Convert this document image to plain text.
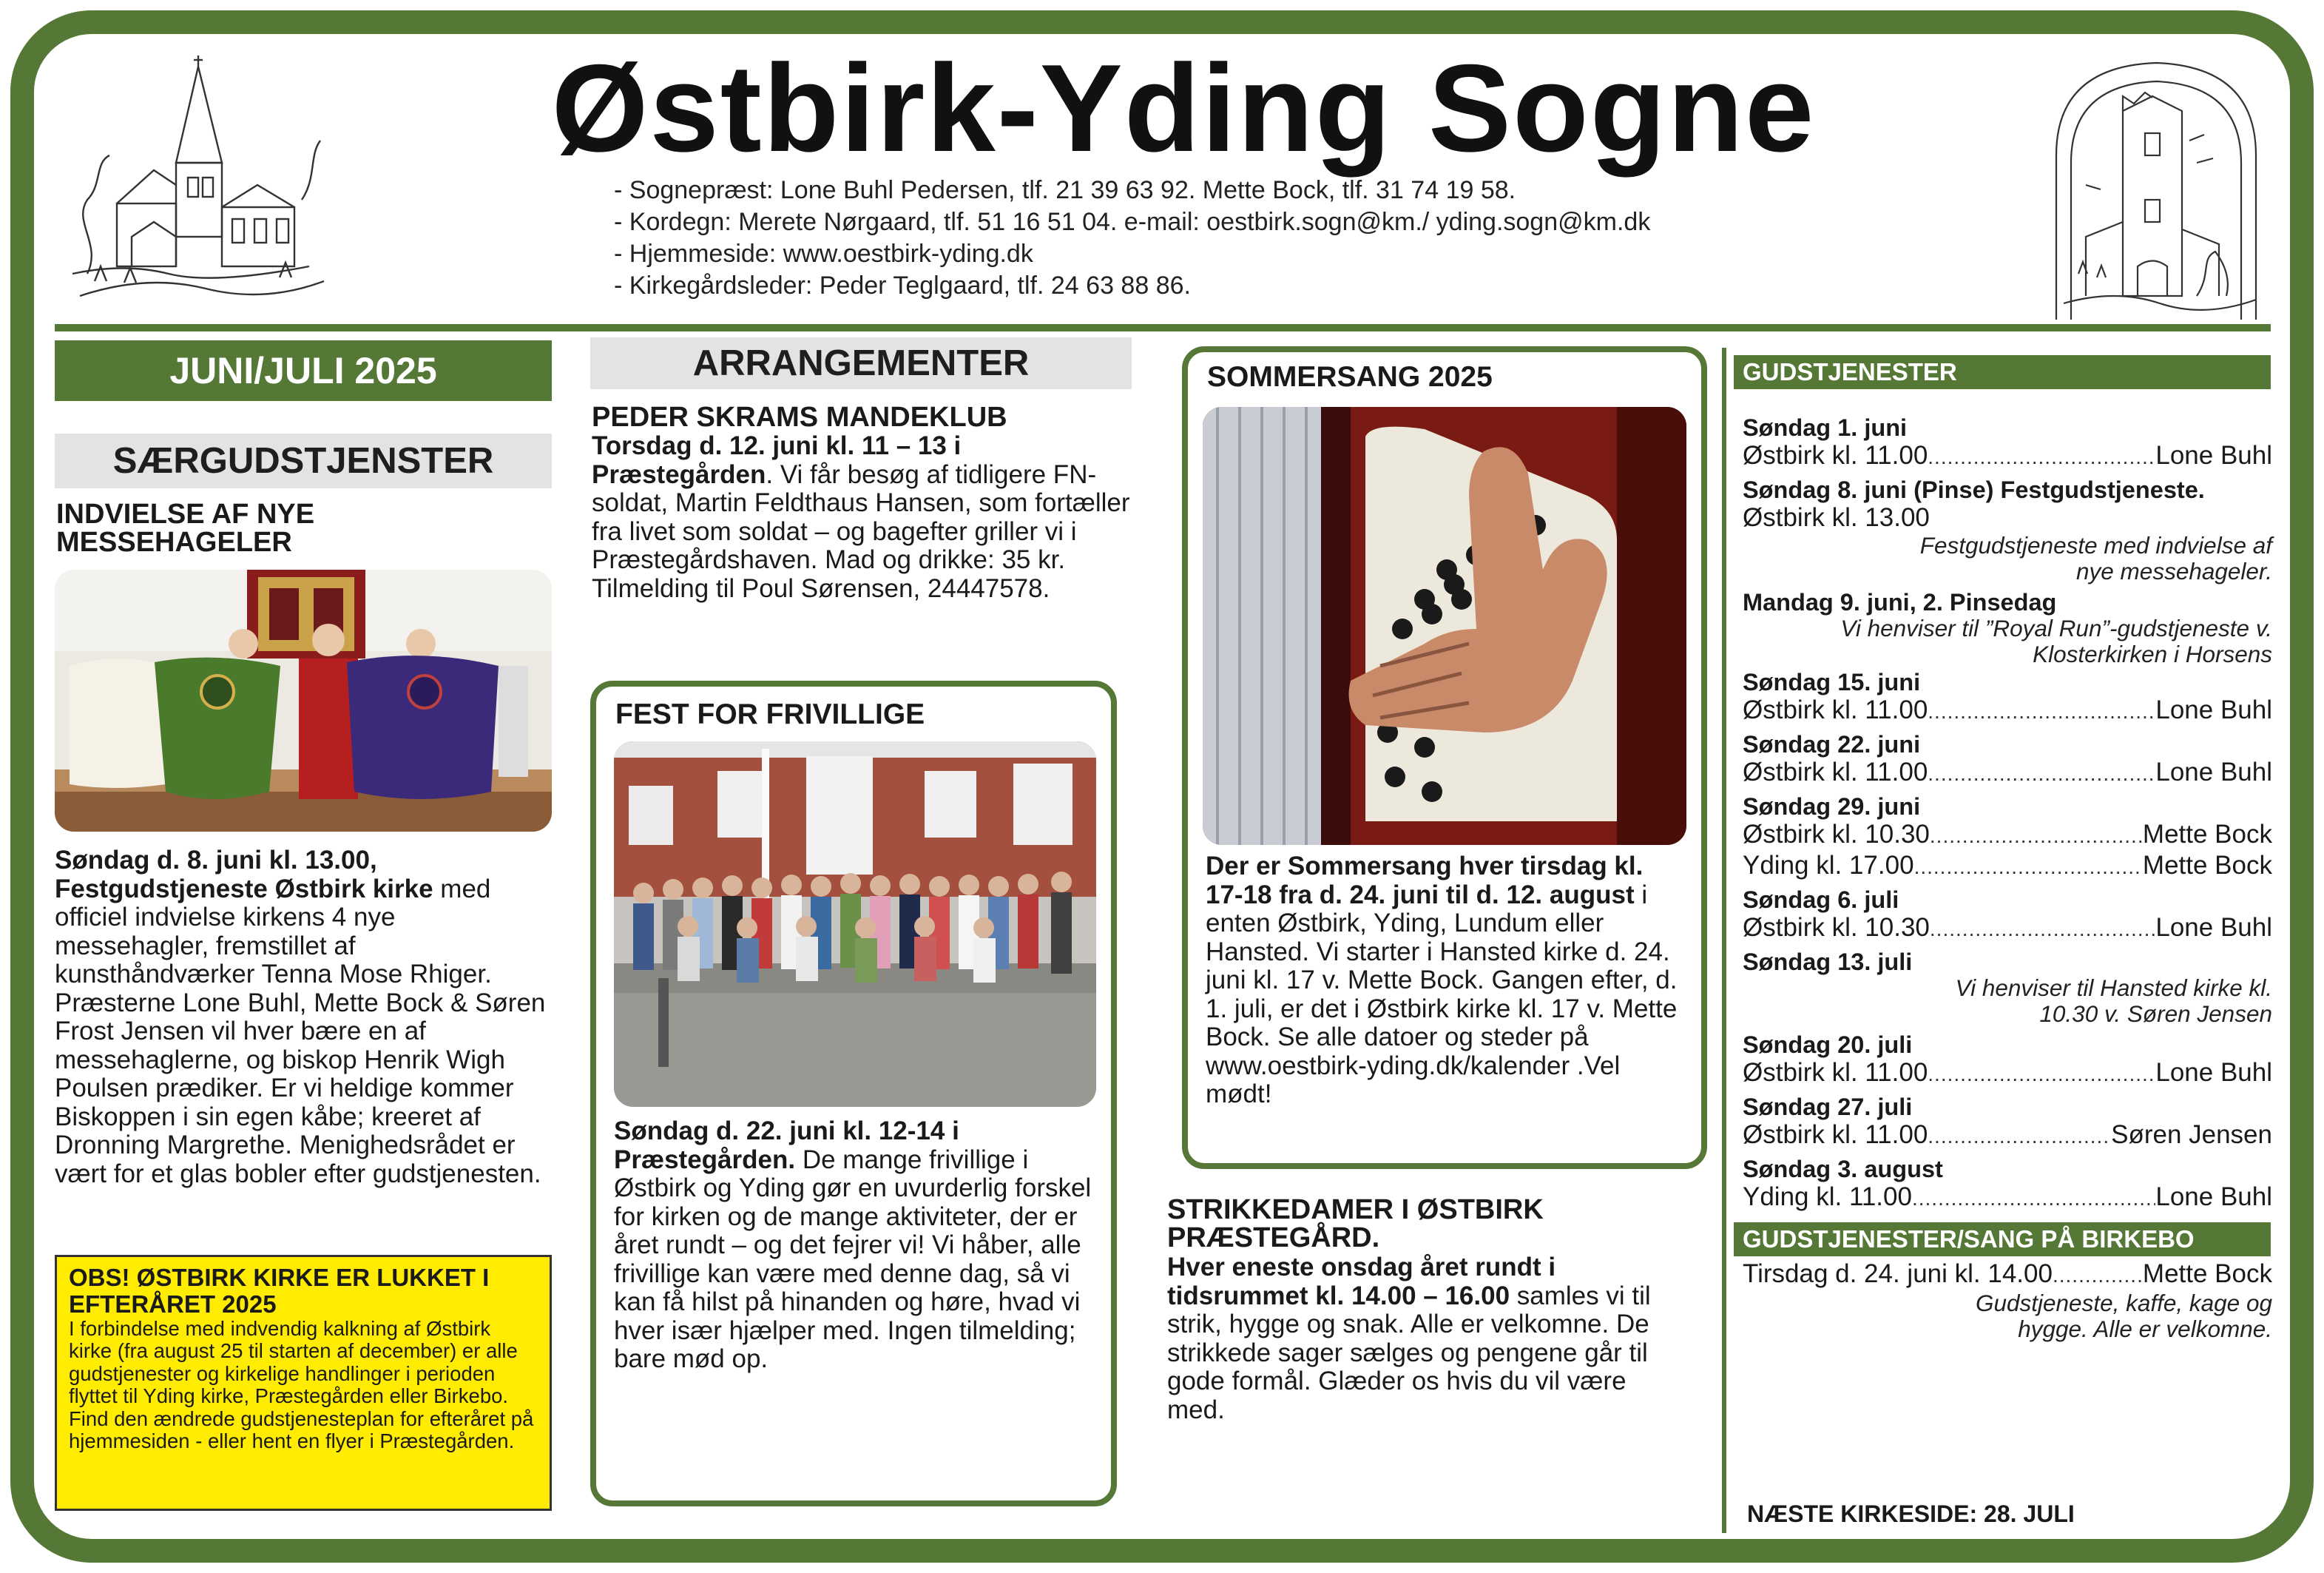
Østbirk-Yding Sogne
- Sognepræst: Lone Buhl Pedersen, tlf. 21 39 63 92. Mette Bock, tlf. 31 74 19 58.
- Kordegn: Merete Nørgaard, tlf. 51 16 51 04. e-mail: oestbirk.sogn@km./ yding.sogn@km.dk
- Hjemmeside: www.oestbirk-yding.dk
- Kirkegårdsleder: Peder Teglgaard, tlf. 24 63 88 86.
JUNI/JULI 2025
SÆRGUDSTJENSTER
INDVIELSE AF NYE MESSEHAGELER
Søndag d. 8. juni kl. 13.00, Festgudstjeneste Østbirk kirke med officiel indvielse kirkens 4 nye messehagler, fremstillet af kunsthåndværker Tenna Mose Rhiger. Præsterne Lone Buhl, Mette Bock & Søren Frost Jensen vil hver bære en af messehaglerne, og biskop Henrik Wigh Poulsen prædiker. Er vi heldige kommer Biskoppen i sin egen kåbe; kreeret af Dronning Margrethe. Menighedsrådet er vært for et glas bobler efter gudstjenesten.
OBS! ØSTBIRK KIRKE ER LUKKET I EFTERÅRET 2025
I forbindelse med indvendig kalkning af Østbirk kirke (fra august 25 til starten af december) er alle gudstjenester og kirkelige handlinger i perioden flyttet til Yding kirke, Præstegården eller Birkebo. Find den ændrede gudstjenesteplan for efteråret på hjemmesiden - eller hent en flyer i Præstegården.
ARRANGEMENTER
PEDER SKRAMS MANDEKLUB
Torsdag d. 12. juni kl. 11 – 13 i Præstegården. Vi får besøg af tidligere FN-soldat, Martin Feldthaus Hansen, som fortæller fra livet som soldat – og bagefter griller vi i Præstegårdshaven. Mad og drikke: 35 kr. Tilmelding til Poul Sørensen, 24447578.
FEST FOR FRIVILLIGE
Søndag d. 22. juni kl. 12-14 i Præstegården. De mange frivillige i Østbirk og Yding gør en uvurderlig forskel for kirken og de mange aktiviteter, der er året rundt – og det fejrer vi! Vi håber, alle frivillige kan være med denne dag, så vi kan få hilst på hinanden og høre, hvad vi hver især hjælper med. Ingen tilmelding; bare mød op.
SOMMERSANG 2025
Der er Sommersang hver tirsdag kl. 17-18 fra d. 24. juni til d. 12. august i enten Østbirk, Yding, Lundum eller Hansted. Vi starter i Hansted kirke d. 24. juni kl. 17 v. Mette Bock. Gangen efter, d. 1. juli, er det i Østbirk kirke kl. 17 v. Mette Bock. Se alle datoer og steder på www.oestbirk-yding.dk/kalender .Vel mødt!
STRIKKEDAMER I ØSTBIRK PRÆSTEGÅRD.
Hver eneste onsdag året rundt i tidsrummet kl. 14.00 – 16.00 samles vi til strik, hygge og snak. Alle er velkomne. De strikkede sager sælges og pengene går til gode formål. Glæder os hvis du vil være med.
GUDSTJENESTER
Søndag 1. juni
Østbirk kl. 11.00 .....	Lone Buhl
Søndag 8. juni (Pinse) Festgudstjeneste.
Østbirk kl. 13.00
Festgudstjeneste med indvielse af nye messehageler.
Mandag 9. juni, 2. Pinsedag
Vi henviser til ”Royal Run”-gudstjeneste v. Klosterkirken i Horsens
Søndag 15. juni
Østbirk kl. 11.00 .....	Lone Buhl
Søndag 22. juni
Østbirk kl. 11.00 .....	Lone Buhl
Søndag 29. juni
Østbirk kl. 10.30 .....	Mette Bock
Yding kl. 17.00 .....	Mette Bock
Søndag 6. juli
Østbirk kl. 10.30 .....	Lone Buhl
Søndag 13. juli
Vi henviser til Hansted kirke kl. 10.30 v. Søren Jensen
Søndag 20. juli
Østbirk kl. 11.00 .....	Lone Buhl
Søndag 27. juli
Østbirk kl. 11.00 .....	Søren Jensen
Søndag 3. august
Yding kl. 11.00 .....	Lone Buhl
GUDSTJENESTER/SANG PÅ BIRKEBO
Tirsdag d. 24. juni kl. 14.00 .....	Mette Bock
Gudstjeneste, kaffe, kage og hygge. Alle er velkomne.
NÆSTE KIRKESIDE: 28. JULI
